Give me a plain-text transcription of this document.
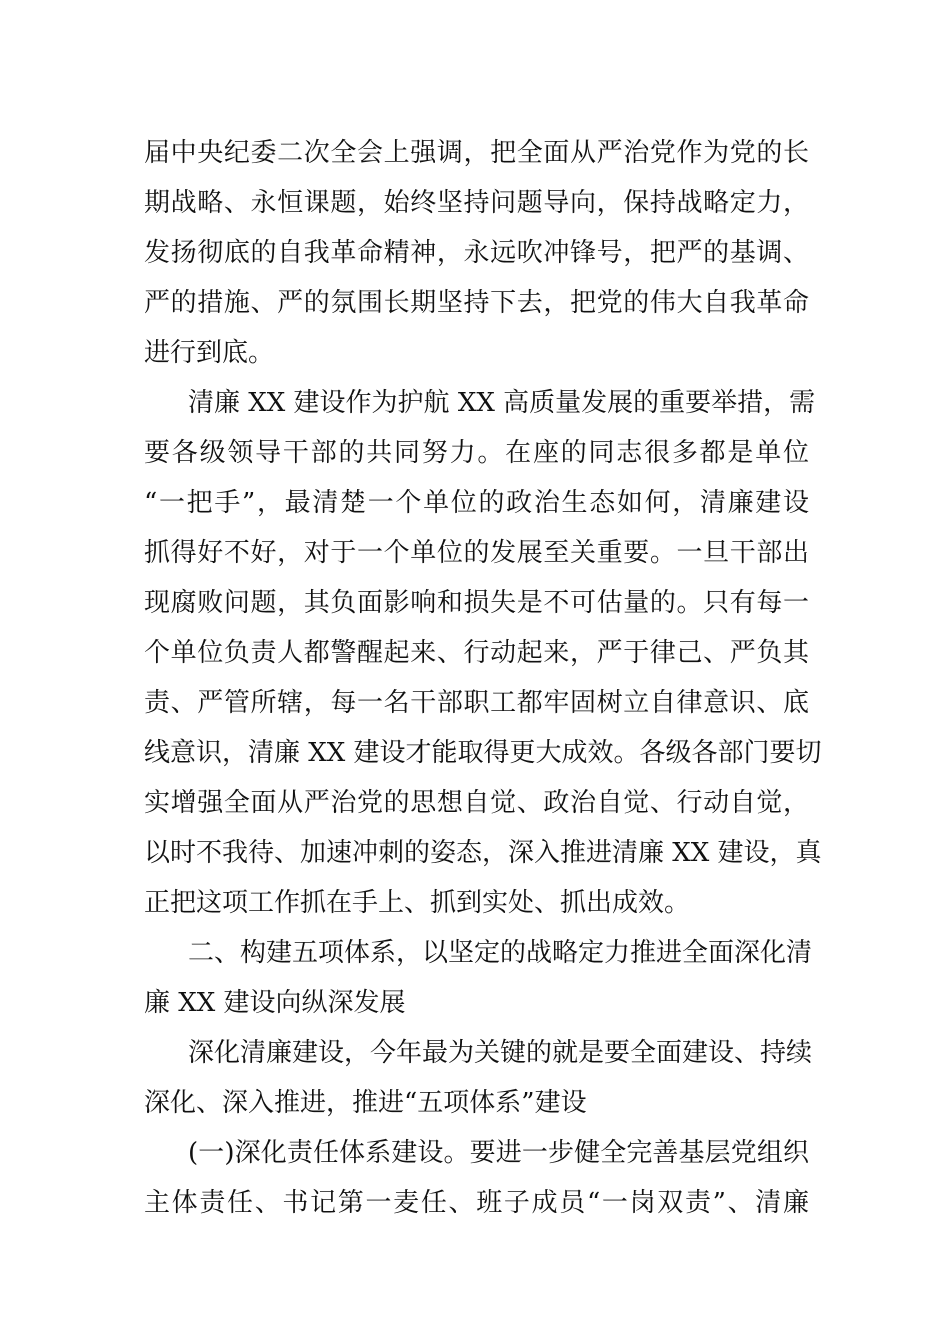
届中央纪委二次全会上强调，把全面从严治党作为党的长
期战略、永恒课题，始终坚持问题导向，保持战略定力，
发扬彻底的自我革命精神，永远吹冲锋号，把严的基调、
严的措施、严的氛围长期坚持下去，把党的伟大自我革命
进行到底。
清廉 XX 建设作为护航 XX 高质量发展的重要举措，需
要各级领导干部的共同努力。在座的同志很多都是单位
“一把手”，最清楚一个单位的政治生态如何，清廉建设
抓得好不好，对于一个单位的发展至关重要。一旦干部出
现腐败问题，其负面影响和损失是不可估量的。只有每一
个单位负责人都警醒起来、行动起来，严于律己、严负其
责、严管所辖，每一名干部职工都牢固树立自律意识、底
线意识，清廉 XX 建设才能取得更大成效。各级各部门要切
实增强全面从严治党的思想自觉、政治自觉、行动自觉，
以时不我待、加速冲刺的姿态，深入推进清廉 XX 建设，真
正把这项工作抓在手上、抓到实处、抓出成效。
二、构建五项体系，以坚定的战略定力推进全面深化清
廉 XX 建设向纵深发展
深化清廉建设，今年最为关键的就是要全面建设、持续
深化、深入推进，推进“五项体系”建设
(一)深化责任体系建设。要进一步健全完善基层党组织
主体责任、书记第一麦任、班子成员“一岗双责”、清廉
